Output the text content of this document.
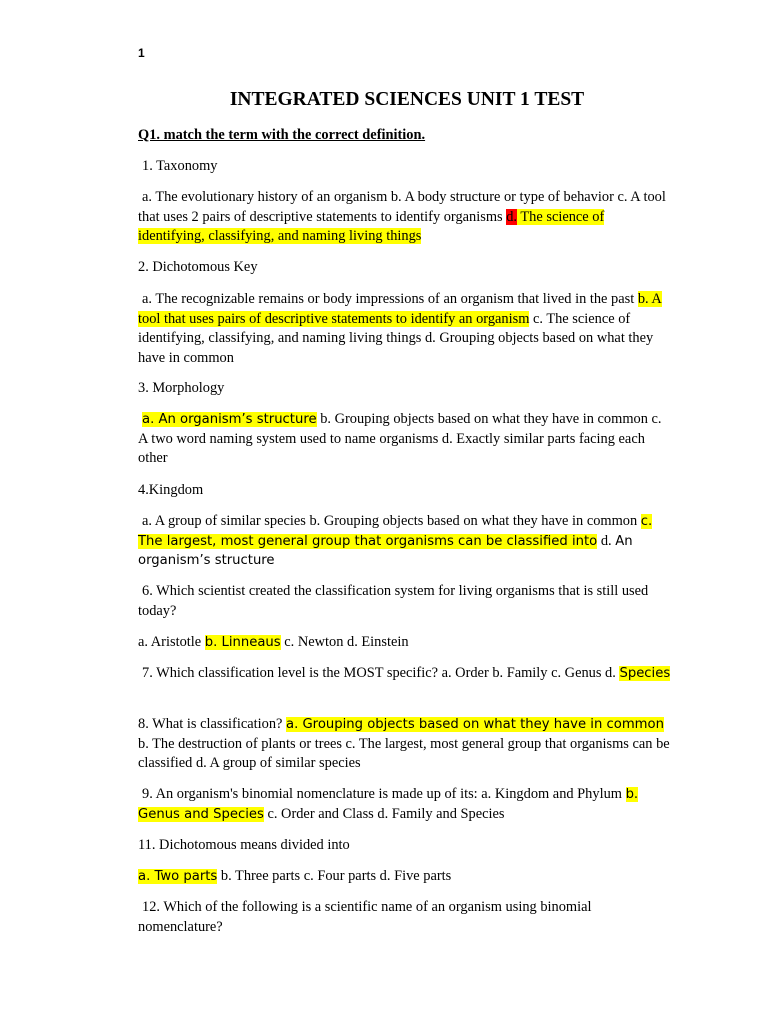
1
INTEGRATED SCIENCES UNIT 1 TEST

Q1. match the term with the correct definition.

1. Taxonomy

a. The evolutionary history of an organism b. A body structure or type of behavior c. A tool that uses 2 pairs of descriptive statements to identify organisms d. The science of identifying, classifying, and naming living things

2. Dichotomous Key

a. The recognizable remains or body impressions of an organism that lived in the past b. A tool that uses pairs of descriptive statements to identify an organism c. The science of identifying, classifying, and naming living things d. Grouping objects based on what they have in common

3. Morphology

a. An organism’s structure b. Grouping objects based on what they have in common c. A two word naming system used to name organisms d. Exactly similar parts facing each other

4.Kingdom

a. A group of similar species b. Grouping objects based on what they have in common c. The largest, most general group that organisms can be classified into d. An organism’s structure

6. Which scientist created the classification system for living organisms that is still used today?

a. Aristotle b. Linneaus c. Newton d. Einstein

7. Which classification level is the MOST specific? a. Order b. Family c. Genus d. Species

8. What is classification? a. Grouping objects based on what they have in common b. The destruction of plants or trees c. The largest, most general group that organisms can be classified d. A group of similar species

9. An organism's binomial nomenclature is made up of its: a. Kingdom and Phylum b. Genus and Species c. Order and Class d. Family and Species

11. Dichotomous means divided into

a. Two parts b. Three parts c. Four parts d. Five parts

12. Which of the following is a scientific name of an organism using binomial nomenclature?
